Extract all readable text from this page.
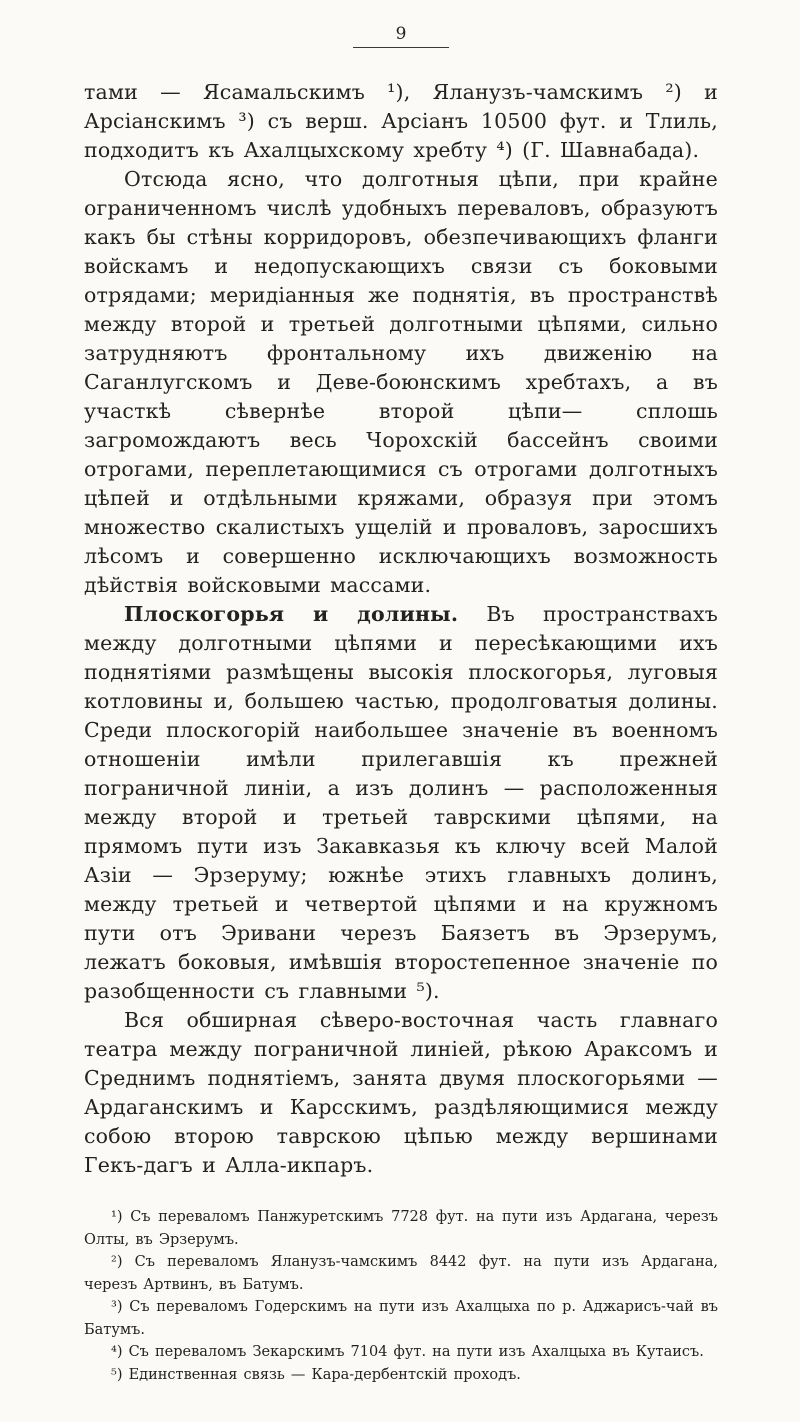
9

тами — Ясамальскимъ ¹), Яланузъ-чамскимъ ²) и Арсіанскимъ ³) съ верш. Арсіанъ 10500 фут. и Тлиль, подходитъ къ Ахалцыхскому хребту ⁴) (Г. Шавнабада).

Отсюда ясно, что долготныя цѣпи, при крайне ограниченномъ числѣ удобныхъ переваловъ, образуютъ какъ бы стѣны корридоровъ, обезпечивающихъ фланги войскамъ и недопускающихъ связи съ боковыми отрядами; меридіанныя же поднятія, въ пространствѣ между второй и третьей долготными цѣпями, сильно затрудняютъ фронтальному ихъ движенію на Саганлугскомъ и Деве-боюнскимъ хребтахъ, а въ участкѣ сѣвернѣе второй цѣпи— сплошь загромождаютъ весь Чорохскій бассейнъ своими отрогами, переплетающимися съ отрогами долготныхъ цѣпей и отдѣльными кряжами, образуя при этомъ множество скалистыхъ ущелій и проваловъ, заросшихъ лѣсомъ и совершенно исключающихъ возможность дѣйствія войсковыми массами.

Плоскогорья и долины. Въ пространствахъ между долготными цѣпями и пересѣкающими ихъ поднятіями размѣщены высокія плоскогорья, луговыя котловины и, большею частью, продолговатыя долины. Среди плоскогорій наибольшее значеніе въ военномъ отношеніи имѣли прилегавшія къ прежней пограничной линіи, а изъ долинъ — расположенныя между второй и третьей таврскими цѣпями, на прямомъ пути изъ Закавказья къ ключу всей Малой Азіи — Эрзеруму; южнѣе этихъ главныхъ долинъ, между третьей и четвертой цѣпями и на кружномъ пути отъ Эривани черезъ Баязетъ въ Эрзерумъ, лежатъ боковыя, имѣвшія второстепенное значеніе по разобщенности съ главными ⁵).

Вся обширная сѣверо-восточная часть главнаго театра между пограничной линіей, рѣкою Араксомъ и Среднимъ поднятіемъ, занята двумя плоскогорьями — Ардаганскимъ и Карсскимъ, раздѣляющимися между собою второю таврскою цѣпью между вершинами Гекъ-дагъ и Алла-икпаръ.

¹) Съ переваломъ Панжуретскимъ 7728 фут. на пути изъ Ардагана, черезъ Олты, въ Эрзерумъ.

²) Съ переваломъ Яланузъ-чамскимъ 8442 фут. на пути изъ Ардагана, черезъ Артвинъ, въ Батумъ.

³) Съ переваломъ Годерскимъ на пути изъ Ахалцыха по р. Аджарисъ-чай въ Батумъ.

⁴) Съ переваломъ Зекарскимъ 7104 фут. на пути изъ Ахалцыха въ Кутаисъ.

⁵) Единственная связь — Кара-дербентскій проходъ.
